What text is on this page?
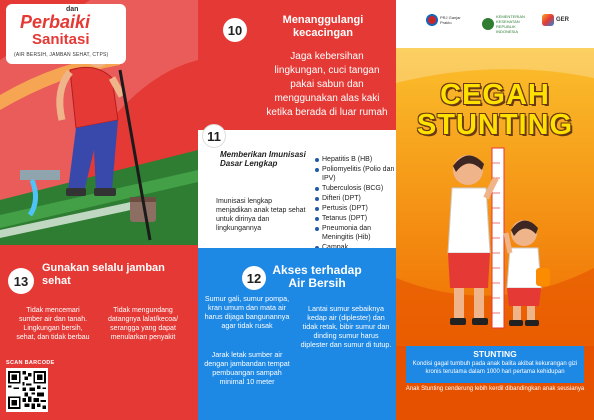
dan
Perbaiki
Sanitasi
(AIR BERSIH, JAMBAN SEHAT, CTPS)
13
Gunakan selalu jamban sehat
Tidak mencemari sumber air dan tanah. Lingkungan bersih, sehat, dan tidak berbau
Tidak mengundang datangnya lalat/kecoa/ serangga yang dapat menularkan penyakit
SCAN BARCODE
10
Menanggulangi kecacingan
Jaga kebersihan lingkungan, cuci tangan pakai sabun dan menggunakan alas kaki ketika berada di luar rumah
11
Memberikan Imunisasi Dasar Lengkap
Imunisasi lengkap menjadikan anak tetap sehat untuk dirinya dan lingkungannya
Hepatitis B (HB)
Poliomyelitis (Polio dan IPV)
Tuberculosis (BCG)
Difteri (DPT)
Pertusis (DPT)
Tetanus (DPT)
Pneumonia dan Meningitis (Hib)
12
Akses terhadap Air Bersih
Sumur gali, sumur pompa, kran umum dan mata air harus dijaga bangunannya agar tidak rusak
Jarak letak sumber air dengan jambandan tempat pembuangan sampah minimal 10 meter
Lantai sumur sebaiknya kedap air (diplester) dan tidak retak, bibir sumur dan dinding sumur harus diplester dan sumur di tutup.
PRJ Ganjar Prakto
KEMENTERIAN KESEHATAN REPUBLIK INDONESIA
GER
CEGAH
STUNTING
STUNTING
Kondisi gagal tumbuh pada anak balita akibat kekurangan gizi kronis terutama dalam 1000 hari pertama kehidupan
Anak Stunting cenderung lebih kerdil dibandingkan anak seusianya
